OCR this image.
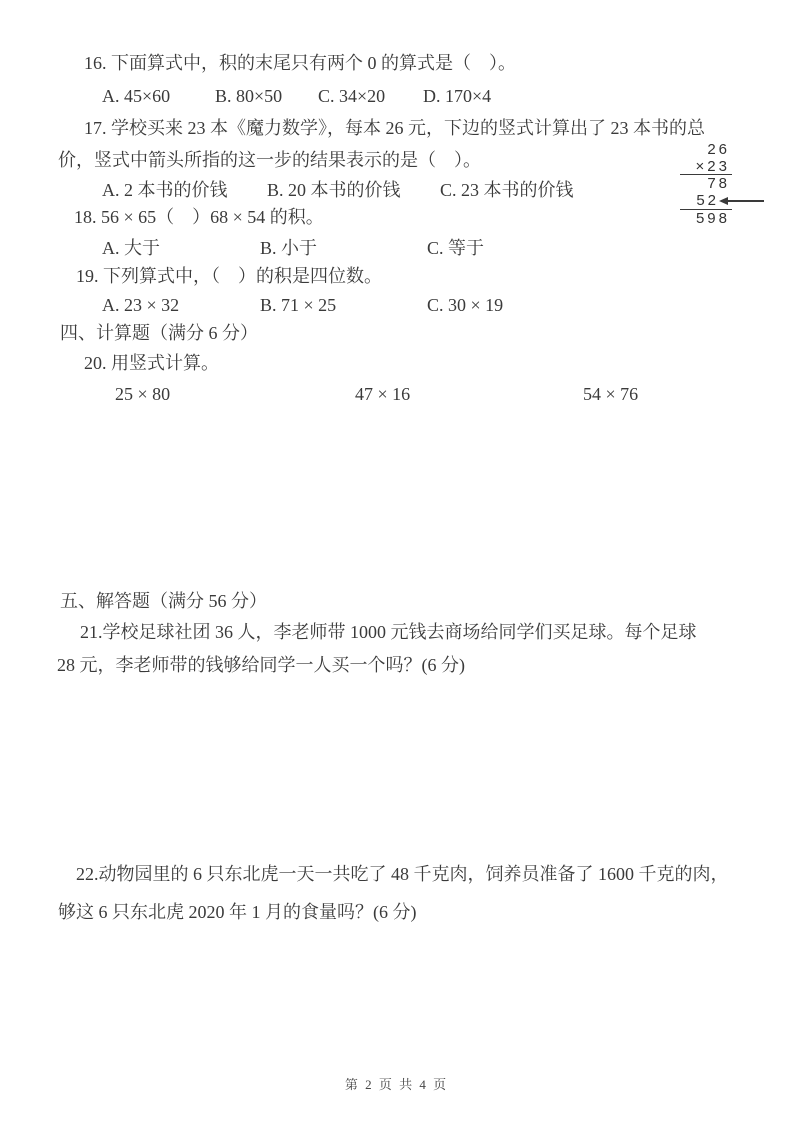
16. 下面算式中，积的末尾只有两个 0 的算式是（　）。
A. 45×60	B. 80×50	C. 34×20	D. 170×4
17. 学校买来 23 本《魔力数学》，每本 26 元，下边的竖式计算出了 23 本书的总
价，竖式中箭头所指的这一步的结果表示的是（　）。
A. 2 本书的价钱	B. 20 本书的价钱	C. 23 本书的价钱
26
×23
78
52
598
18. 56 × 65（　）68 × 54 的积。
A. 大于	B. 小于	C. 等于
19. 下列算式中，（　）的积是四位数。
A. 23 × 32	B. 71 × 25	C. 30 × 19
四、计算题（满分 6 分）
20. 用竖式计算。
25 × 80	47 × 16	54 × 76
五、解答题（满分 56 分）
21.学校足球社团 36 人，李老师带 1000 元钱去商场给同学们买足球。每个足球
28 元，李老师带的钱够给同学一人买一个吗？(6 分)
22.动物园里的 6 只东北虎一天一共吃了 48 千克肉，饲养员准备了 1600 千克的肉，
够这 6 只东北虎 2020 年 1 月的食量吗？(6 分)
第 2 页 共 4 页
